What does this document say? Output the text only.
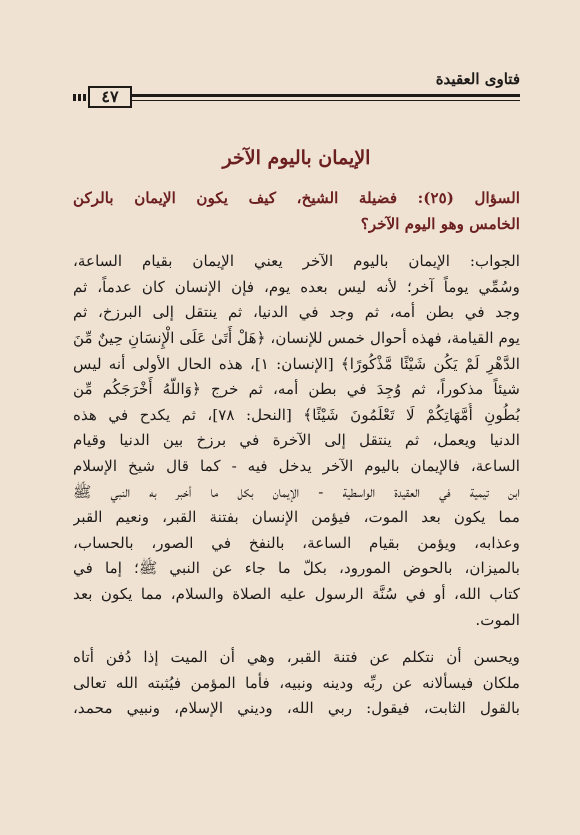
فتاوى العقيدة
٤٧
الإيمان باليوم الآخر
السؤال (٢٥): فضيلة الشيخ، كيف يكون الإيمان بالركن
الخامس وهو اليوم الآخر؟
الجواب: الإيمان باليوم الآخر يعني الإيمان بقيام الساعة،
وسُمِّي يوماً آخر؛ لأنه ليس بعده يوم، فإن الإنسان كان عدماً، ثم
وجد في بطن أمه، ثم وجد في الدنيا، ثم ينتقل إلى البرزخ، ثم
يوم القيامة، فهذه أحوال خمس للإنسان، ﴿هَلْ أَتَىٰ عَلَى الْإِنسَانِ حِينٌ مِّنَ
الدَّهْرِ لَمْ يَكُن شَيْئًا مَّذْكُورًا﴾ [الإنسان: ١]، هذه الحال الأولى أنه ليس
شيئاً مذكوراً، ثم وُجِدَ في بطن أمه، ثم خرج ﴿وَاللَّهُ أَخْرَجَكُم مِّن
بُطُونِ أُمَّهَاتِكُمْ لَا تَعْلَمُونَ شَيْئًا﴾ [النحل: ٧٨]، ثم يكدح في هذه
الدنيا ويعمل، ثم ينتقل إلى الآخرة في برزخ بين الدنيا وقيام
الساعة، فالإيمان باليوم الآخر يدخل فيه - كما قال شيخ الإسلام
ابن تيمية في العقيدة الواسطية - الإيمان بكل ما أخبر به النبي ﷺ
مما يكون بعد الموت، فيؤمن الإنسان بفتنة القبر، ونعيم القبر
وعذابه، ويؤمن بقيام الساعة، بالنفخ في الصور، بالحساب،
بالميزان، بالحوض المورود، بكلّ ما جاء عن النبي ﷺ؛ إما في
كتاب الله، أو في سُنَّة الرسول عليه الصلاة والسلام، مما يكون بعد
الموت.
ويحسن أن نتكلم عن فتنة القبر، وهي أن الميت إذا دُفن أتاه
ملكان فيسألانه عن ربِّه ودينه ونبيه، فأما المؤمن فيُثبته الله تعالى
بالقول الثابت، فيقول: ربي الله، وديني الإسلام، ونبيي محمد،
